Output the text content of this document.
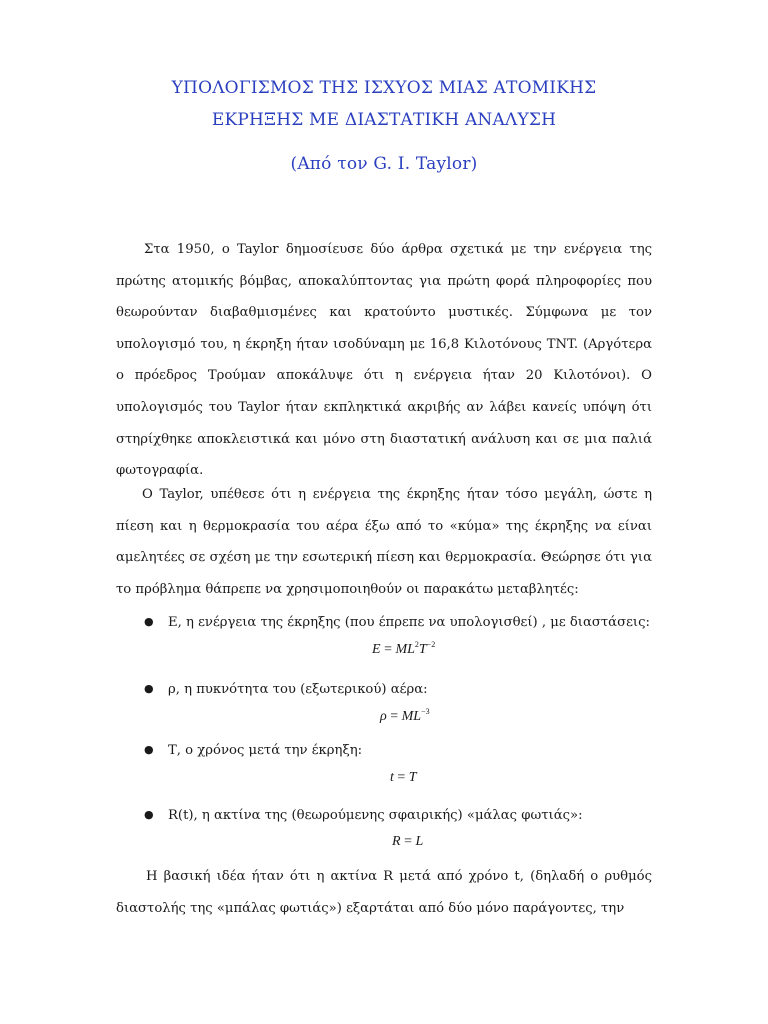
ΥΠΟΛΟΓΙΣΜΟΣ ΤΗΣ ΙΣΧΥΟΣ ΜΙΑΣ ΑΤΟΜΙΚΗΣ
ΕΚΡΗΞΗΣ ΜΕ ΔΙΑΣΤΑΤΙΚΗ ΑΝΑΛΥΣΗ
(Από τον G. I. Taylor)

Στα 1950, ο Taylor δημοσίευσε δύο άρθρα σχετικά με την ενέργεια της πρώτης ατομικής βόμβας, αποκαλύπτοντας για πρώτη φορά πληροφορίες που θεωρούνταν διαβαθμισμένες και κρατούντο μυστικές. Σύμφωνα με τον υπολογισμό του, η έκρηξη ήταν ισοδύναμη με 16,8 Κιλοτόνους TNT. (Αργότερα ο πρόεδρος Τρούμαν αποκάλυψε ότι η ενέργεια ήταν 20 Κιλοτόνοι). Ο υπολογισμός του Taylor ήταν εκπληκτικά ακριβής αν λάβει κανείς υπόψη ότι στηρίχθηκε αποκλειστικά και μόνο στη διαστατική ανάλυση και σε μια παλιά φωτογραφία.

Ο Taylor, υπέθεσε ότι η ενέργεια της έκρηξης ήταν τόσο μεγάλη, ώστε η πίεση και η θερμοκρασία του αέρα έξω από το «κύμα» της έκρηξης να είναι αμελητέες σε σχέση με την εσωτερική πίεση και θερμοκρασία. Θεώρησε ότι για το πρόβλημα θάπρεπε να χρησιμοποιηθούν οι παρακάτω μεταβλητές:

● Ε, η ενέργεια της έκρηξης (που έπρεπε να υπολογισθεί) , με διαστάσεις:
$E = ML^2T^{-2}$
● ρ, η πυκνότητα του (εξωτερικού) αέρα:
$\rho = ML^{-3}$
● Τ, ο χρόνος μετά την έκρηξη:
t = T
● R(t), η ακτίνα της (θεωρούμενης σφαιρικής) «μάλας φωτιάς»:
R = L

Η βασική ιδέα ήταν ότι η ακτίνα R μετά από χρόνο t, (δηλαδή ο ρυθμός διαστολής της «μπάλας φωτιάς») εξαρτάται από δύο μόνο παράγοντες, την
